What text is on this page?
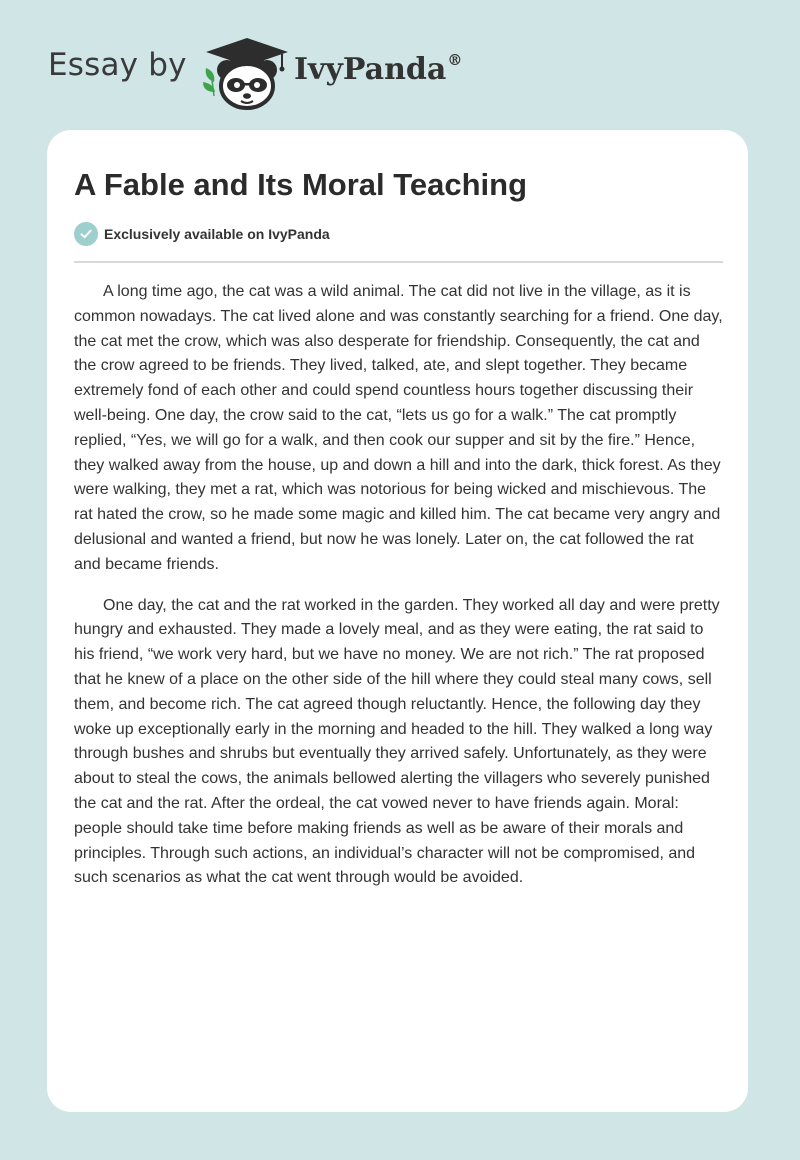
Essay by	IvyPanda®
A Fable and Its Moral Teaching
Exclusively available on IvyPanda

A long time ago, the cat was a wild animal. The cat did not live in the village, as it is common nowadays. The cat lived alone and was constantly searching for a friend. One day, the cat met the crow, which was also desperate for friendship. Consequently, the cat and the crow agreed to be friends. They lived, talked, ate, and slept together. They became extremely fond of each other and could spend countless hours together discussing their well-being. One day, the crow said to the cat, “lets us go for a walk.” The cat promptly replied, “Yes, we will go for a walk, and then cook our supper and sit by the fire.” Hence, they walked away from the house, up and down a hill and into the dark, thick forest. As they were walking, they met a rat, which was notorious for being wicked and mischievous. The rat hated the crow, so he made some magic and killed him. The cat became very angry and delusional and wanted a friend, but now he was lonely. Later on, the cat followed the rat and became friends.

One day, the cat and the rat worked in the garden. They worked all day and were pretty hungry and exhausted. They made a lovely meal, and as they were eating, the rat said to his friend, “we work very hard, but we have no money. We are not rich.” The rat proposed that he knew of a place on the other side of the hill where they could steal many cows, sell them, and become rich. The cat agreed though reluctantly. Hence, the following day they woke up exceptionally early in the morning and headed to the hill. They walked a long way through bushes and shrubs but eventually they arrived safely. Unfortunately, as they were about to steal the cows, the animals bellowed alerting the villagers who severely punished the cat and the rat. After the ordeal, the cat vowed never to have friends again. Moral: people should take time before making friends as well as be aware of their morals and principles. Through such actions, an individual’s character will not be compromised, and such scenarios as what the cat went through would be avoided.
